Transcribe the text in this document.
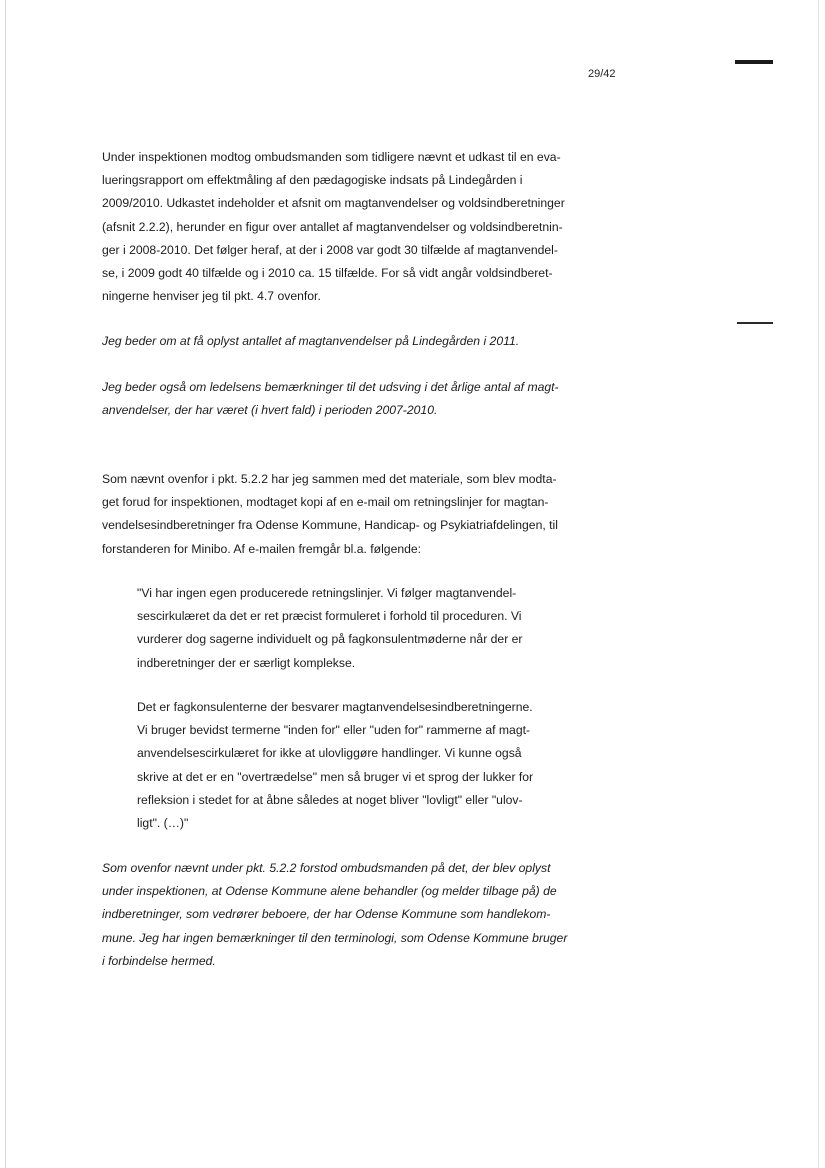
29/42

Under inspektionen modtog ombudsmanden som tidligere nævnt et udkast til en eva-
lueringsrapport om effektmåling af den pædagogiske indsats på Lindegården i
2009/2010. Udkastet indeholder et afsnit om magtanvendelser og voldsindberetninger
(afsnit 2.2.2), herunder en figur over antallet af magtanvendelser og voldsindberetnin-
ger i 2008-2010. Det følger heraf, at der i 2008 var godt 30 tilfælde af magtanvendel-
se, i 2009 godt 40 tilfælde og i 2010 ca. 15 tilfælde. For så vidt angår voldsindberet-
ningerne henviser jeg til pkt. 4.7 ovenfor.

Jeg beder om at få oplyst antallet af magtanvendelser på Lindegården i 2011.

Jeg beder også om ledelsens bemærkninger til det udsving i det årlige antal af magt-
anvendelser, der har været (i hvert fald) i perioden 2007-2010.

Som nævnt ovenfor i pkt. 5.2.2 har jeg sammen med det materiale, som blev modta-
get forud for inspektionen, modtaget kopi af en e-mail om retningslinjer for magtan-
vendelsesindberetninger fra Odense Kommune, Handicap- og Psykiatriafdelingen, til
forstanderen for Minibo. Af e-mailen fremgår bl.a. følgende:

"Vi har ingen egen producerede retningslinjer. Vi følger magtanvendel-
sescirkulæret da det er ret præcist formuleret i forhold til proceduren. Vi
vurderer dog sagerne individuelt og på fagkonsulentmøderne når der er
indberetninger der er særligt komplekse.

Det er fagkonsulenterne der besvarer magtanvendelsesindberetningerne.
Vi bruger bevidst termerne "inden for" eller "uden for" rammerne af magt-
anvendelsescirkulæret for ikke at ulovliggøre handlinger. Vi kunne også
skrive at det er en "overtrædelse" men så bruger vi et sprog der lukker for
refleksion i stedet for at åbne således at noget bliver "lovligt" eller "ulov-
ligt". (…)"

Som ovenfor nævnt under pkt. 5.2.2 forstod ombudsmanden på det, der blev oplyst
under inspektionen, at Odense Kommune alene behandler (og melder tilbage på) de
indberetninger, som vedrører beboere, der har Odense Kommune som handlekom-
mune. Jeg har ingen bemærkninger til den terminologi, som Odense Kommune bruger
i forbindelse hermed.
